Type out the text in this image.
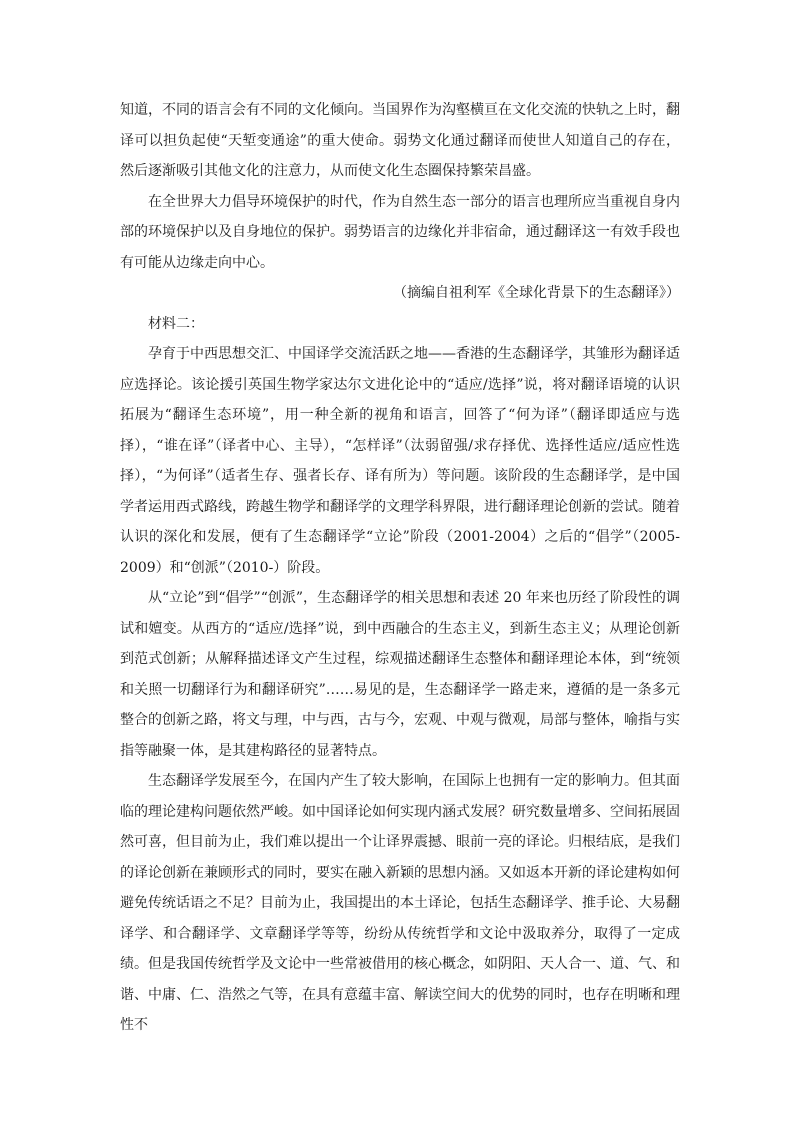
知道，不同的语言会有不同的文化倾向。当国界作为沟壑横亘在文化交流的快轨之上时，翻译可以担负起使“天堑变通途”的重大使命。弱势文化通过翻译而使世人知道自己的存在，然后逐渐吸引其他文化的注意力，从而使文化生态圈保持繁荣昌盛。

在全世界大力倡导环境保护的时代，作为自然生态一部分的语言也理所应当重视自身内部的环境保护以及自身地位的保护。弱势语言的边缘化并非宿命，通过翻译这一有效手段也有可能从边缘走向中心。

（摘编自祖利军《全球化背景下的生态翻译》）

材料二：

孕育于中西思想交汇、中国译学交流活跃之地——香港的生态翻译学，其雏形为翻译适应选择论。该论援引英国生物学家达尔文进化论中的“适应/选择”说，将对翻译语境的认识拓展为“翻译生态环境”，用一种全新的视角和语言，回答了“何为译”（翻译即适应与选择），“谁在译”（译者中心、主导），“怎样译”（汰弱留强/求存择优、选择性适应/适应性选择），“为何译”（适者生存、强者长存、译有所为）等问题。该阶段的生态翻译学，是中国学者运用西式路线，跨越生物学和翻译学的文理学科界限，进行翻译理论创新的尝试。随着认识的深化和发展，便有了生态翻译学“立论”阶段（2001-2004）之后的“倡学”（2005-2009）和“创派”（2010-）阶段。

从“立论”到“倡学”“创派”，生态翻译学的相关思想和表述 20 年来也历经了阶段性的调试和嬗变。从西方的“适应/选择”说，到中西融合的生态主义，到新生态主义；从理论创新到范式创新；从解释描述译文产生过程，综观描述翻译生态整体和翻译理论本体，到“统领和关照一切翻译行为和翻译研究”……易见的是，生态翻译学一路走来，遵循的是一条多元整合的创新之路，将文与理，中与西，古与今，宏观、中观与微观，局部与整体，喻指与实指等融聚一体，是其建构路径的显著特点。

生态翻译学发展至今，在国内产生了较大影响，在国际上也拥有一定的影响力。但其面临的理论建构问题依然严峻。如中国译论如何实现内涵式发展？研究数量增多、空间拓展固然可喜，但目前为止，我们难以提出一个让译界震撼、眼前一亮的译论。归根结底，是我们的译论创新在兼顾形式的同时，要实在融入新颖的思想内涵。又如返本开新的译论建构如何避免传统话语之不足？目前为止，我国提出的本土译论，包括生态翻译学、推手论、大易翻译学、和合翻译学、文章翻译学等等，纷纷从传统哲学和文论中汲取养分，取得了一定成绩。但是我国传统哲学及文论中一些常被借用的核心概念，如阴阳、天人合一、道、气、和谐、中庸、仁、浩然之气等，在具有意蕴丰富、解读空间大的优势的同时，也存在明晰和理性不
